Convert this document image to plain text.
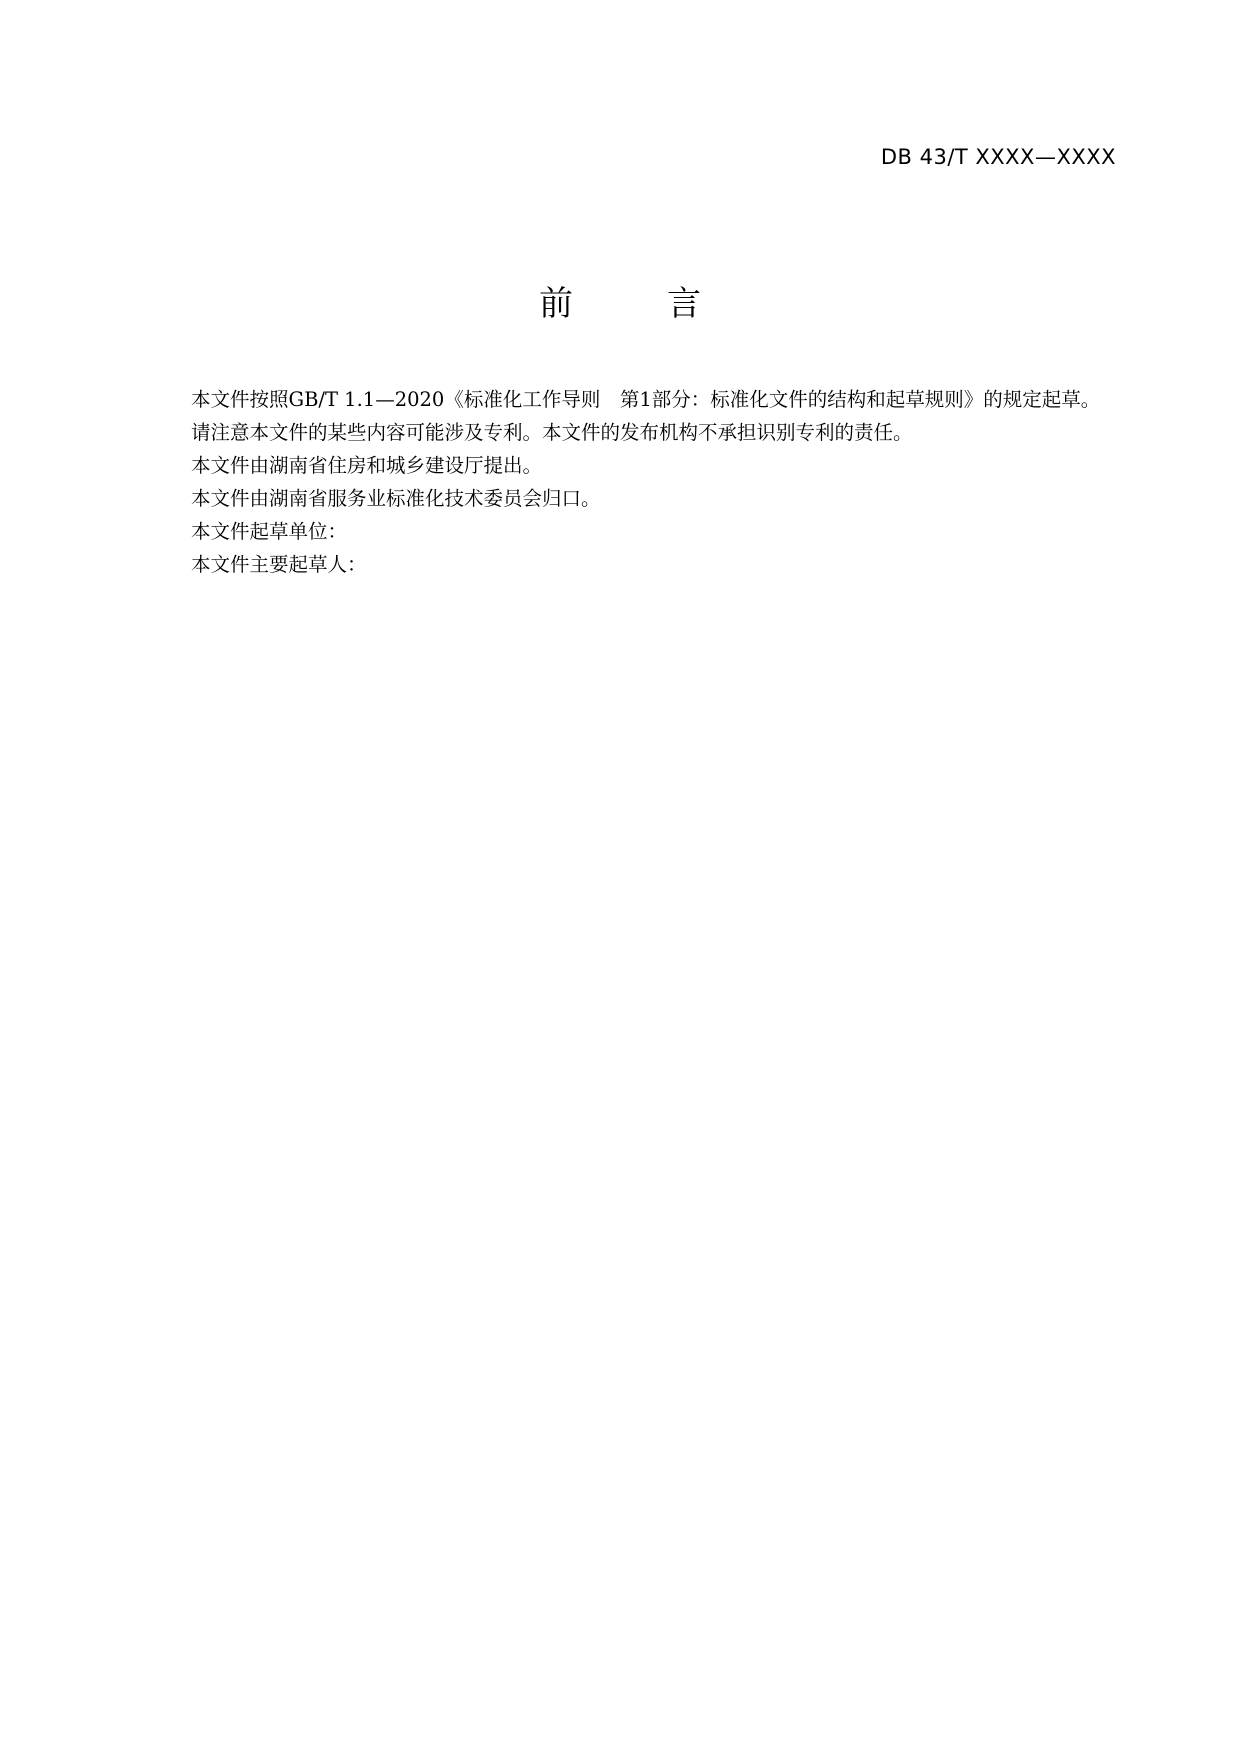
DB 43/T XXXX—XXXX
前　言

本文件按照GB/T 1.1—2020《标准化工作导则　第1部分：标准化文件的结构和起草规则》的规定起草。

请注意本文件的某些内容可能涉及专利。本文件的发布机构不承担识别专利的责任。

本文件由湖南省住房和城乡建设厅提出。

本文件由湖南省服务业标准化技术委员会归口。

本文件起草单位：

本文件主要起草人：
